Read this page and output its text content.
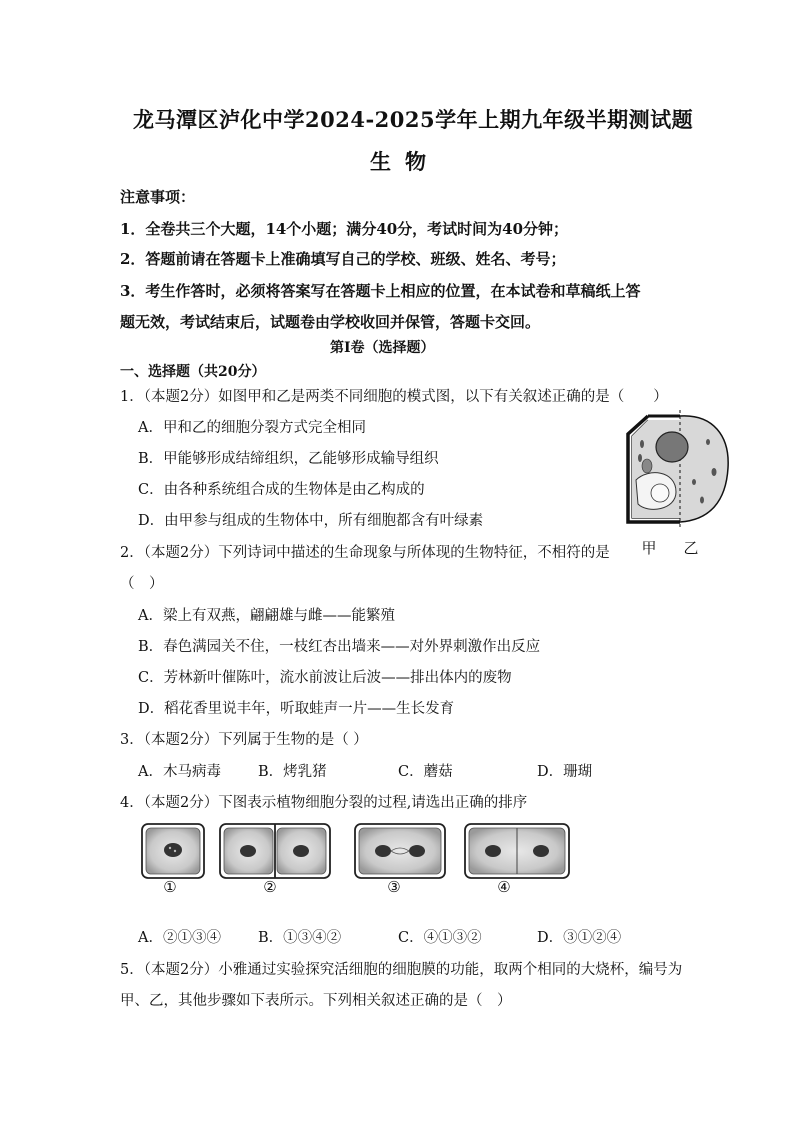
龙马潭区泸化中学2024-2025学年上期九年级半期测试题
生物
注意事项：
1．全卷共三个大题，14个小题；满分40分，考试时间为40分钟；
2．答题前请在答题卡上准确填写自己的学校、班级、姓名、考号；
3．考生作答时，必须将答案写在答题卡上相应的位置，在本试卷和草稿纸上答
题无效，考试结束后，试题卷由学校收回并保管，答题卡交回。
第Ⅰ卷（选择题）
一、选择题（共20分）
1．（本题2分）如图甲和乙是两类不同细胞的模式图，以下有关叙述正确的是（　　）
A．甲和乙的细胞分裂方式完全相同
B．甲能够形成结缔组织，乙能够形成输导组织
C．由各种系统组合成的生物体是由乙构成的
D．由甲参与组成的生物体中，所有细胞都含有叶绿素
甲 乙
2．（本题2分）下列诗词中描述的生命现象与所体现的生物特征，不相符的是
（　）
A．梁上有双燕，翩翩雄与雌——能繁殖
B．春色满园关不住，一枝红杏出墙来——对外界刺激作出反应
C．芳林新叶催陈叶，流水前波让后波——排出体内的废物
D．稻花香里说丰年，听取蛙声一片——生长发育
3．（本题2分）下列属于生物的是（ ）
A．木马病毒	B．烤乳猪	C．蘑菇	D．珊瑚
4．（本题2分）下图表示植物细胞分裂的过程,请选出正确的排序
①	②	③	④
A．②①③④	B．①③④②	C．④①③②	D．③①②④
5．（本题2分）小雅通过实验探究活细胞的细胞膜的功能，取两个相同的大烧杯，编号为
甲、乙，其他步骤如下表所示。下列相关叙述正确的是（　）
